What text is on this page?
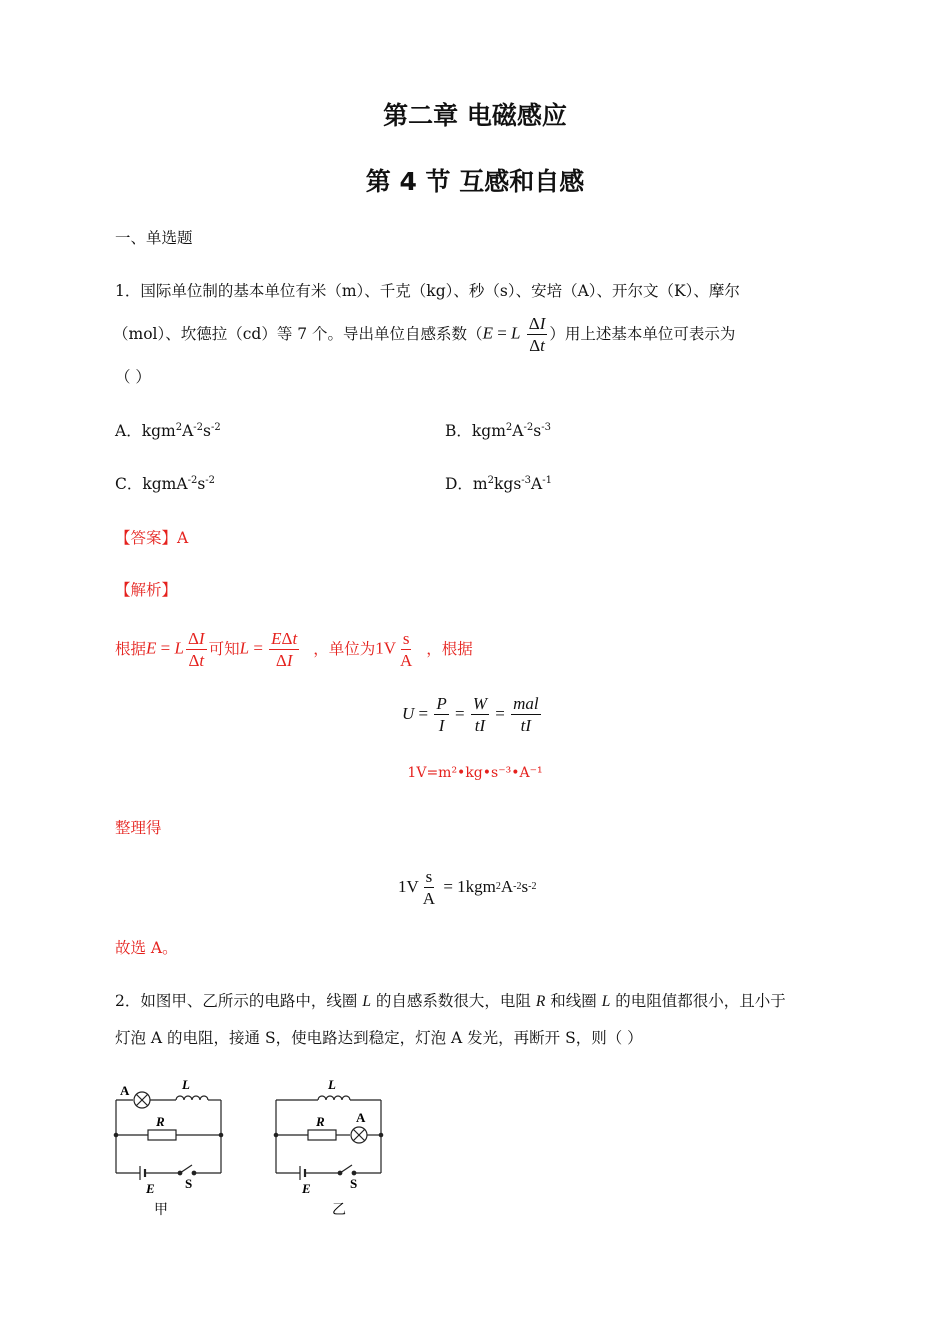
第二章 电磁感应
第 4 节 互感和自感
一、单选题
1．国际单位制的基本单位有米（m）、千克（kg）、秒（s）、安培（A）、开尔文（K）、摩尔
（mol）、坎德拉（cd）等 7 个。导出单位自感系数（ E = L $\frac{\Delta I}{\Delta t}$ ）用上述基本单位可表示为
（ ）
A．$kgm^2A^{-2}s^{-2}$	B．$kgm^2A^{-2}s^{-3}$
C．$kgmA^{-2}s^{-2}$	D．$m^2kgs^{-3}A^{-1}$
【答案】A
【解析】
根据 E = L $\frac{\Delta I}{\Delta t}$ 可知 $L = \frac{\text{EΔt}}{\Delta I}$ ，单位为 $1V \frac{s}{A}$ ，根据
$U = \frac{P}{I} = \frac{W}{tI} = \frac{\text{mal}}{tI}$
1V=m²•kg•s⁻³•A⁻¹
整理得
$1V \frac{s}{A} = 1kgm$ 2 A -2 s -2
故选 A。
2．如图甲、乙所示的电路中，线圈 L 的自感系数很大，电阻 R 和线圈 L 的电阻值都很小，且小于
灯泡 A 的电阻，接通 S，使电路达到稳定，灯泡 A 发光，再断开 S，则（ ）
A	L
R
E S
甲
L
R A
E	S
乙
